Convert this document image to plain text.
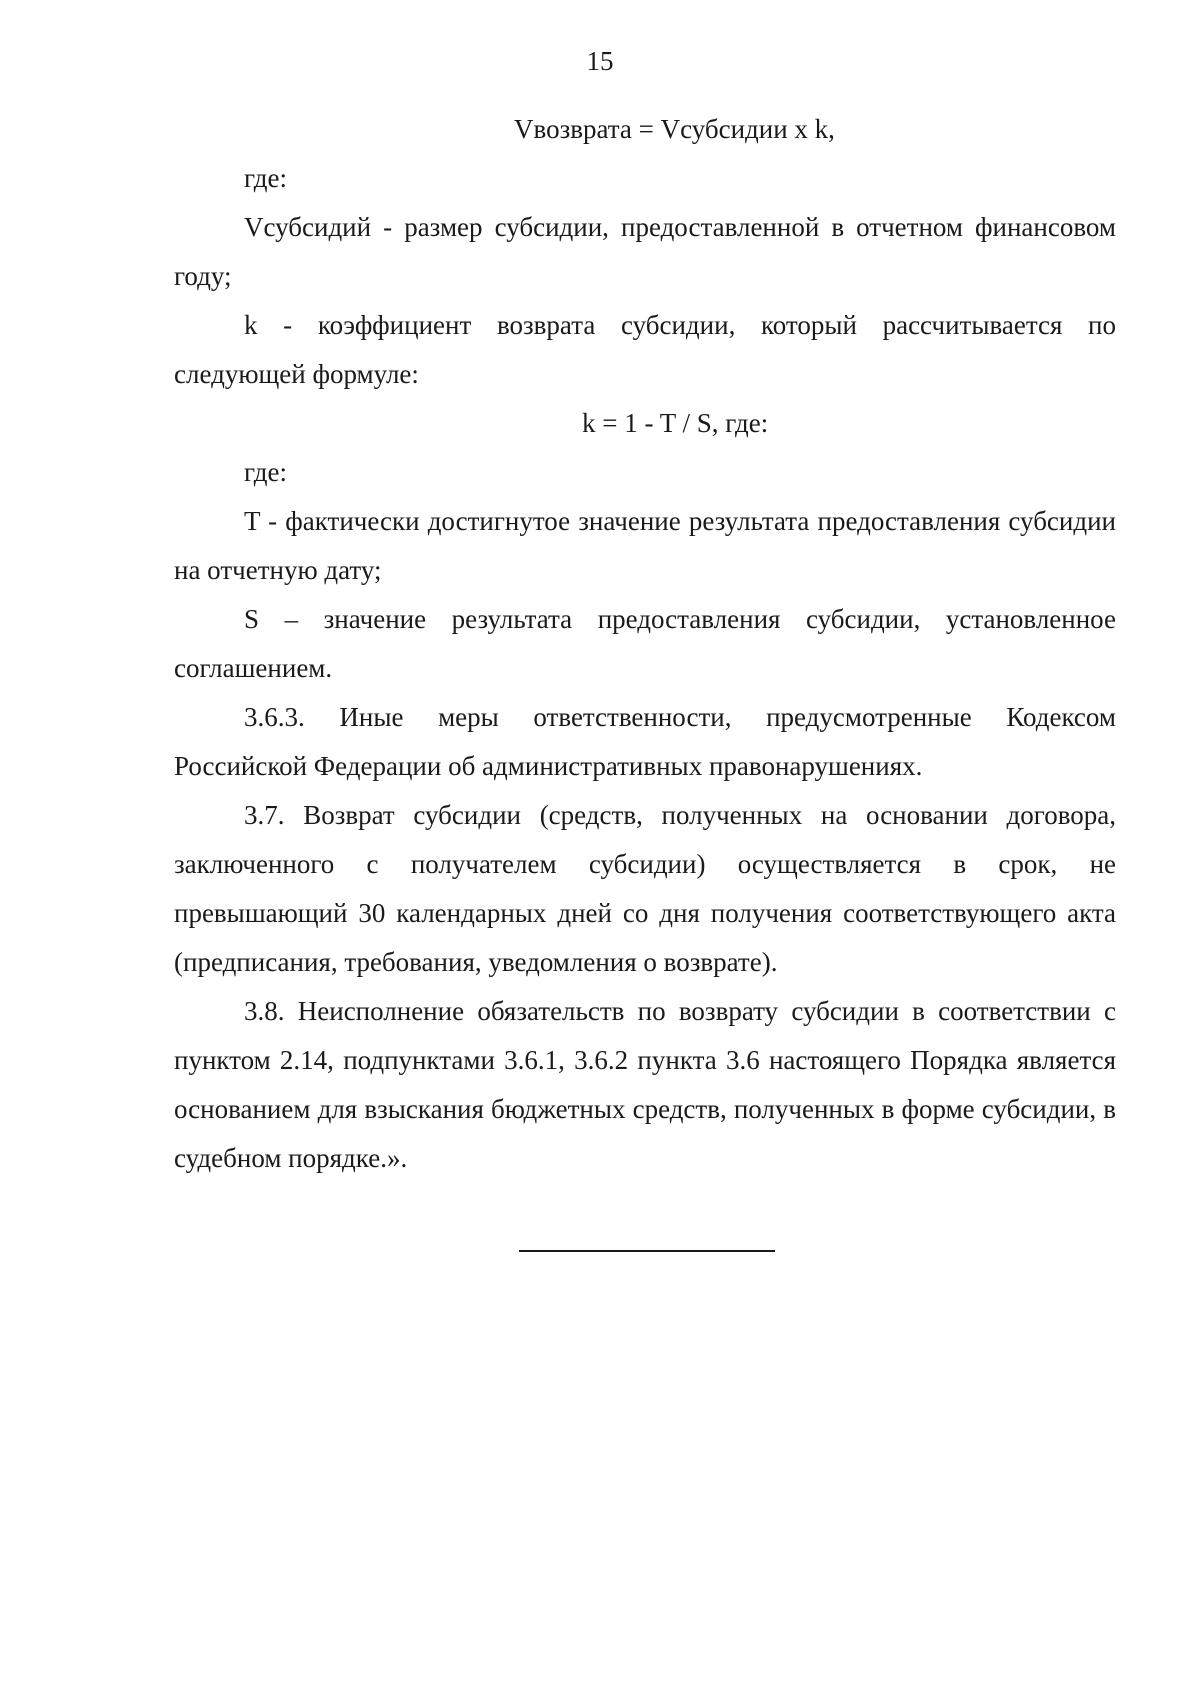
15

Vвозврата = Vсубсидии x k,

где:

Vсубсидий - размер субсидии, предоставленной в отчетном финансовом году;

k - коэффициент возврата субсидии, который рассчитывается по следующей формуле:

k = 1 - T / S, где:

где:

T - фактически достигнутое значение результата предоставления субсидии на отчетную дату;

S – значение результата предоставления субсидии, установленное соглашением.

3.6.3. Иные меры ответственности, предусмотренные Кодексом Российской Федерации об административных правонарушениях.

3.7. Возврат субсидии (средств, полученных на основании договора, заключенного с получателем субсидии) осуществляется в срок, не превышающий 30 календарных дней со дня получения соответствующего акта (предписания, требования, уведомления о возврате).

3.8. Неисполнение обязательств по возврату субсидии в соответствии с пунктом 2.14, подпунктами 3.6.1, 3.6.2 пункта 3.6 настоящего Порядка является основанием для взыскания бюджетных средств, полученных в форме субсидии, в судебном порядке.».
